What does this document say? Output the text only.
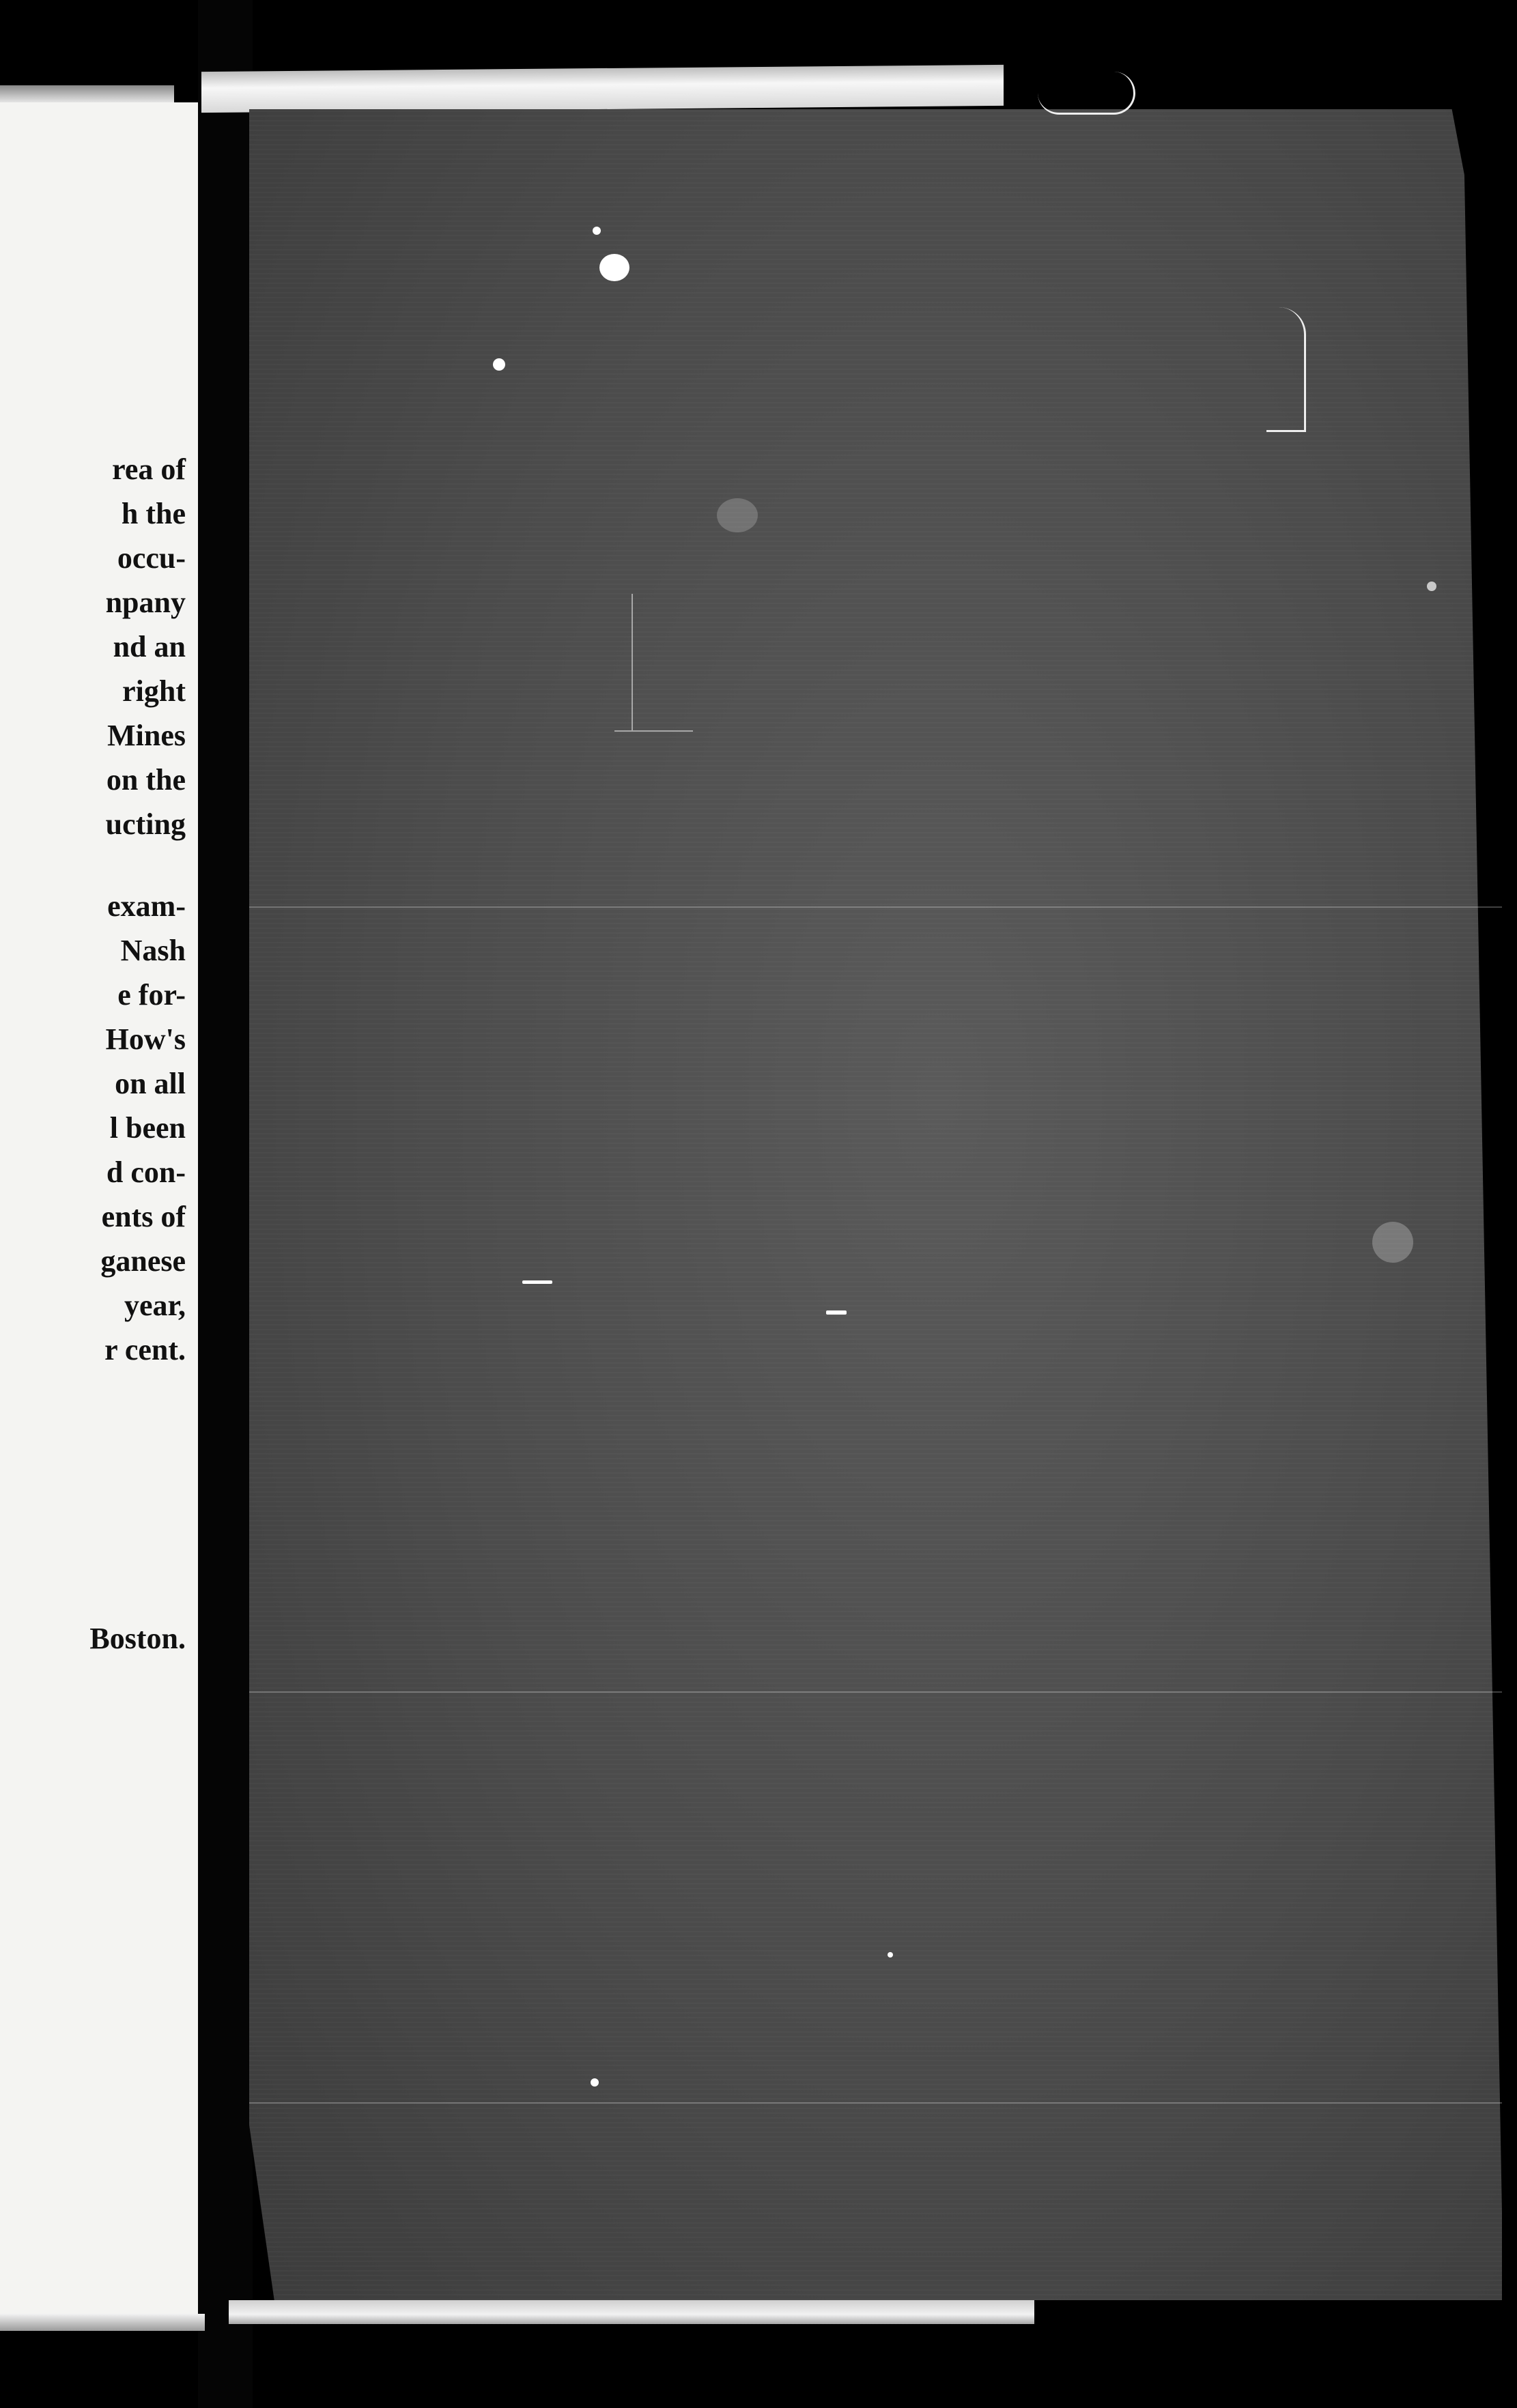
rea of
h the
occu-
npany
nd an
right
Mines
on the
ucting
exam-
Nash
e for-
How's
on all
l been
d con-
ents of
ganese
year,
r cent.
Boston.
